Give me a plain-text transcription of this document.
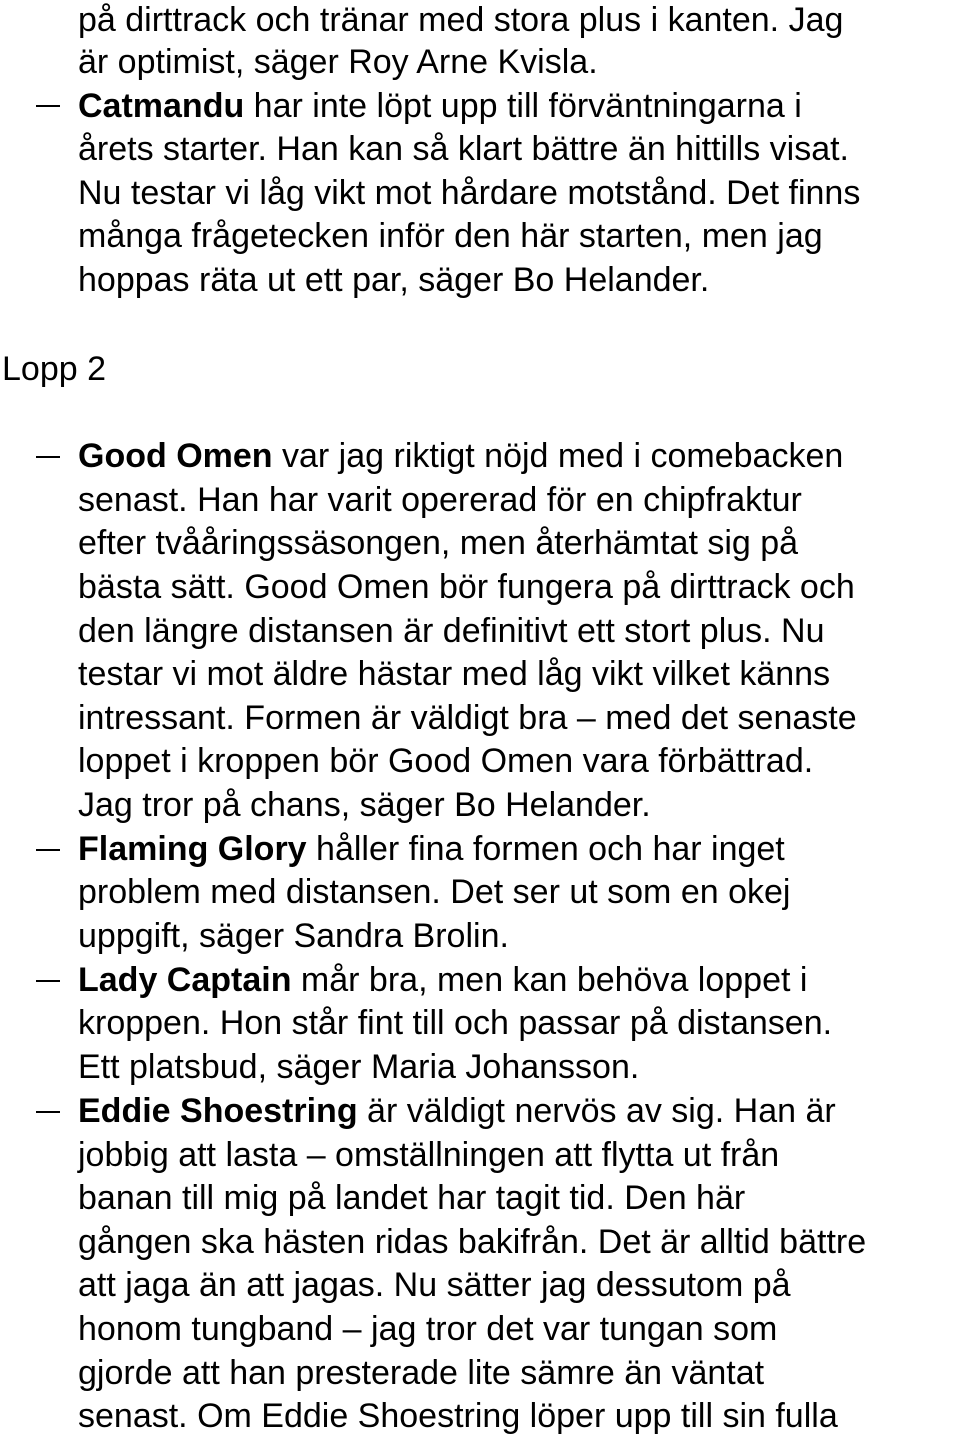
på dirttrack och tränar med stora plus i kanten. Jag
är optimist, säger Roy Arne Kvisla.
Catmandu har inte löpt upp till förväntningarna i
årets starter. Han kan så klart bättre än hittills visat.
Nu testar vi låg vikt mot hårdare motstånd. Det finns
många frågetecken inför den här starten, men jag
hoppas räta ut ett par, säger Bo Helander.
Lopp 2
Good Omen var jag riktigt nöjd med i comebacken
senast. Han har varit opererad för en chipfraktur
efter tvååringssäsongen, men återhämtat sig på
bästa sätt. Good Omen bör fungera på dirttrack och
den längre distansen är definitivt ett stort plus. Nu
testar vi mot äldre hästar med låg vikt vilket känns
intressant. Formen är väldigt bra – med det senaste
loppet i kroppen bör Good Omen vara förbättrad.
Jag tror på chans, säger Bo Helander.
Flaming Glory håller fina formen och har inget
problem med distansen. Det ser ut som en okej
uppgift, säger Sandra Brolin.
Lady Captain mår bra, men kan behöva loppet i
kroppen. Hon står fint till och passar på distansen.
Ett platsbud, säger Maria Johansson.
Eddie Shoestring är väldigt nervös av sig. Han är
jobbig att lasta – omställningen att flytta ut från
banan till mig på landet har tagit tid. Den här
gången ska hästen ridas bakifrån. Det är alltid bättre
att jaga än att jagas. Nu sätter jag dessutom på
honom tungband – jag tror det var tungan som
gjorde att han presterade lite sämre än väntat
senast. Om Eddie Shoestring löper upp till sin fulla
